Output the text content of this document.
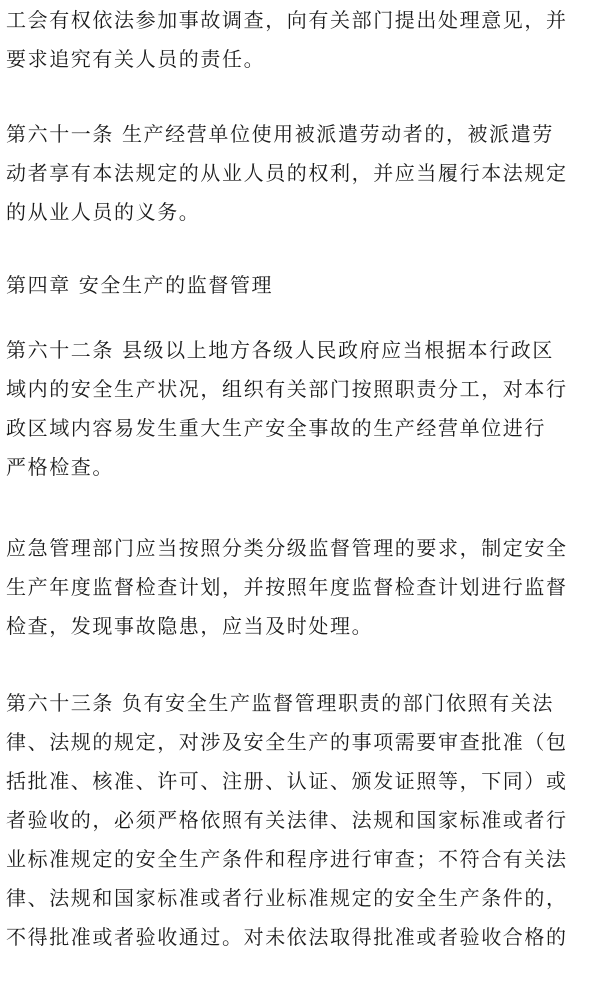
工会有权依法参加事故调查，向有关部门提出处理意见，并
要求追究有关人员的责任。
第六十一条 生产经营单位使用被派遣劳动者的，被派遣劳
动者享有本法规定的从业人员的权利，并应当履行本法规定
的从业人员的义务。
第四章 安全生产的监督管理
第六十二条 县级以上地方各级人民政府应当根据本行政区
域内的安全生产状况，组织有关部门按照职责分工，对本行
政区域内容易发生重大生产安全事故的生产经营单位进行
严格检查。
应急管理部门应当按照分类分级监督管理的要求，制定安全
生产年度监督检查计划，并按照年度监督检查计划进行监督
检查，发现事故隐患，应当及时处理。
第六十三条 负有安全生产监督管理职责的部门依照有关法
律、法规的规定，对涉及安全生产的事项需要审查批准（包
括批准、核准、许可、注册、认证、颁发证照等，下同）或
者验收的，必须严格依照有关法律、法规和国家标准或者行
业标准规定的安全生产条件和程序进行审查；不符合有关法
律、法规和国家标准或者行业标准规定的安全生产条件的，
不得批准或者验收通过。对未依法取得批准或者验收合格的
